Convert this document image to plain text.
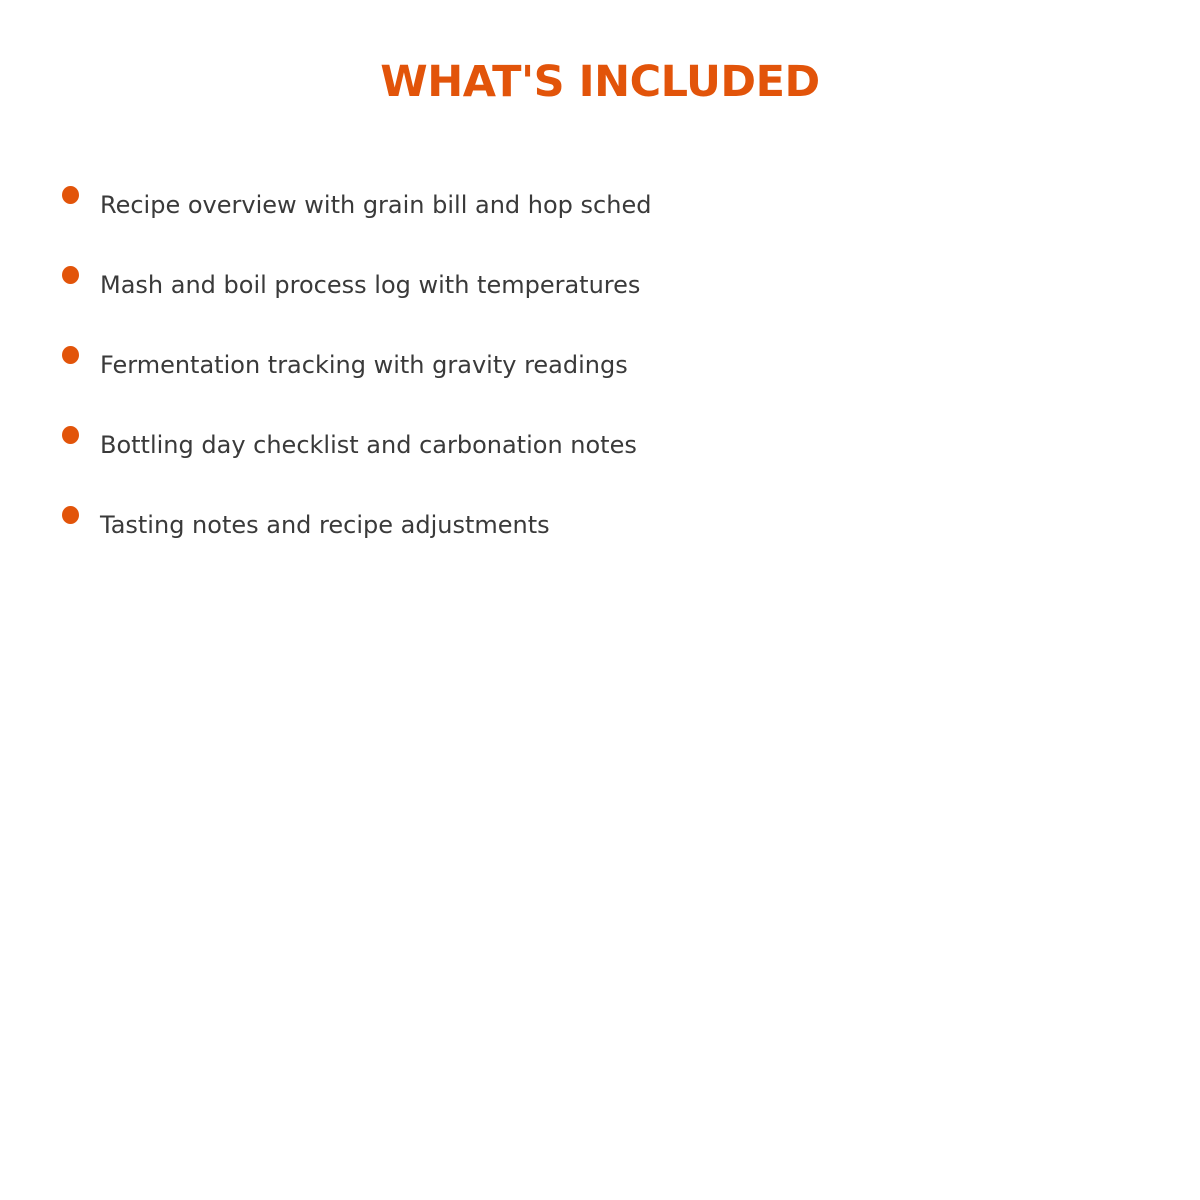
WHAT'S INCLUDED
Recipe overview with grain bill and hop sched
Mash and boil process log with temperatures
Fermentation tracking with gravity readings
Bottling day checklist and carbonation notes
Tasting notes and recipe adjustments
